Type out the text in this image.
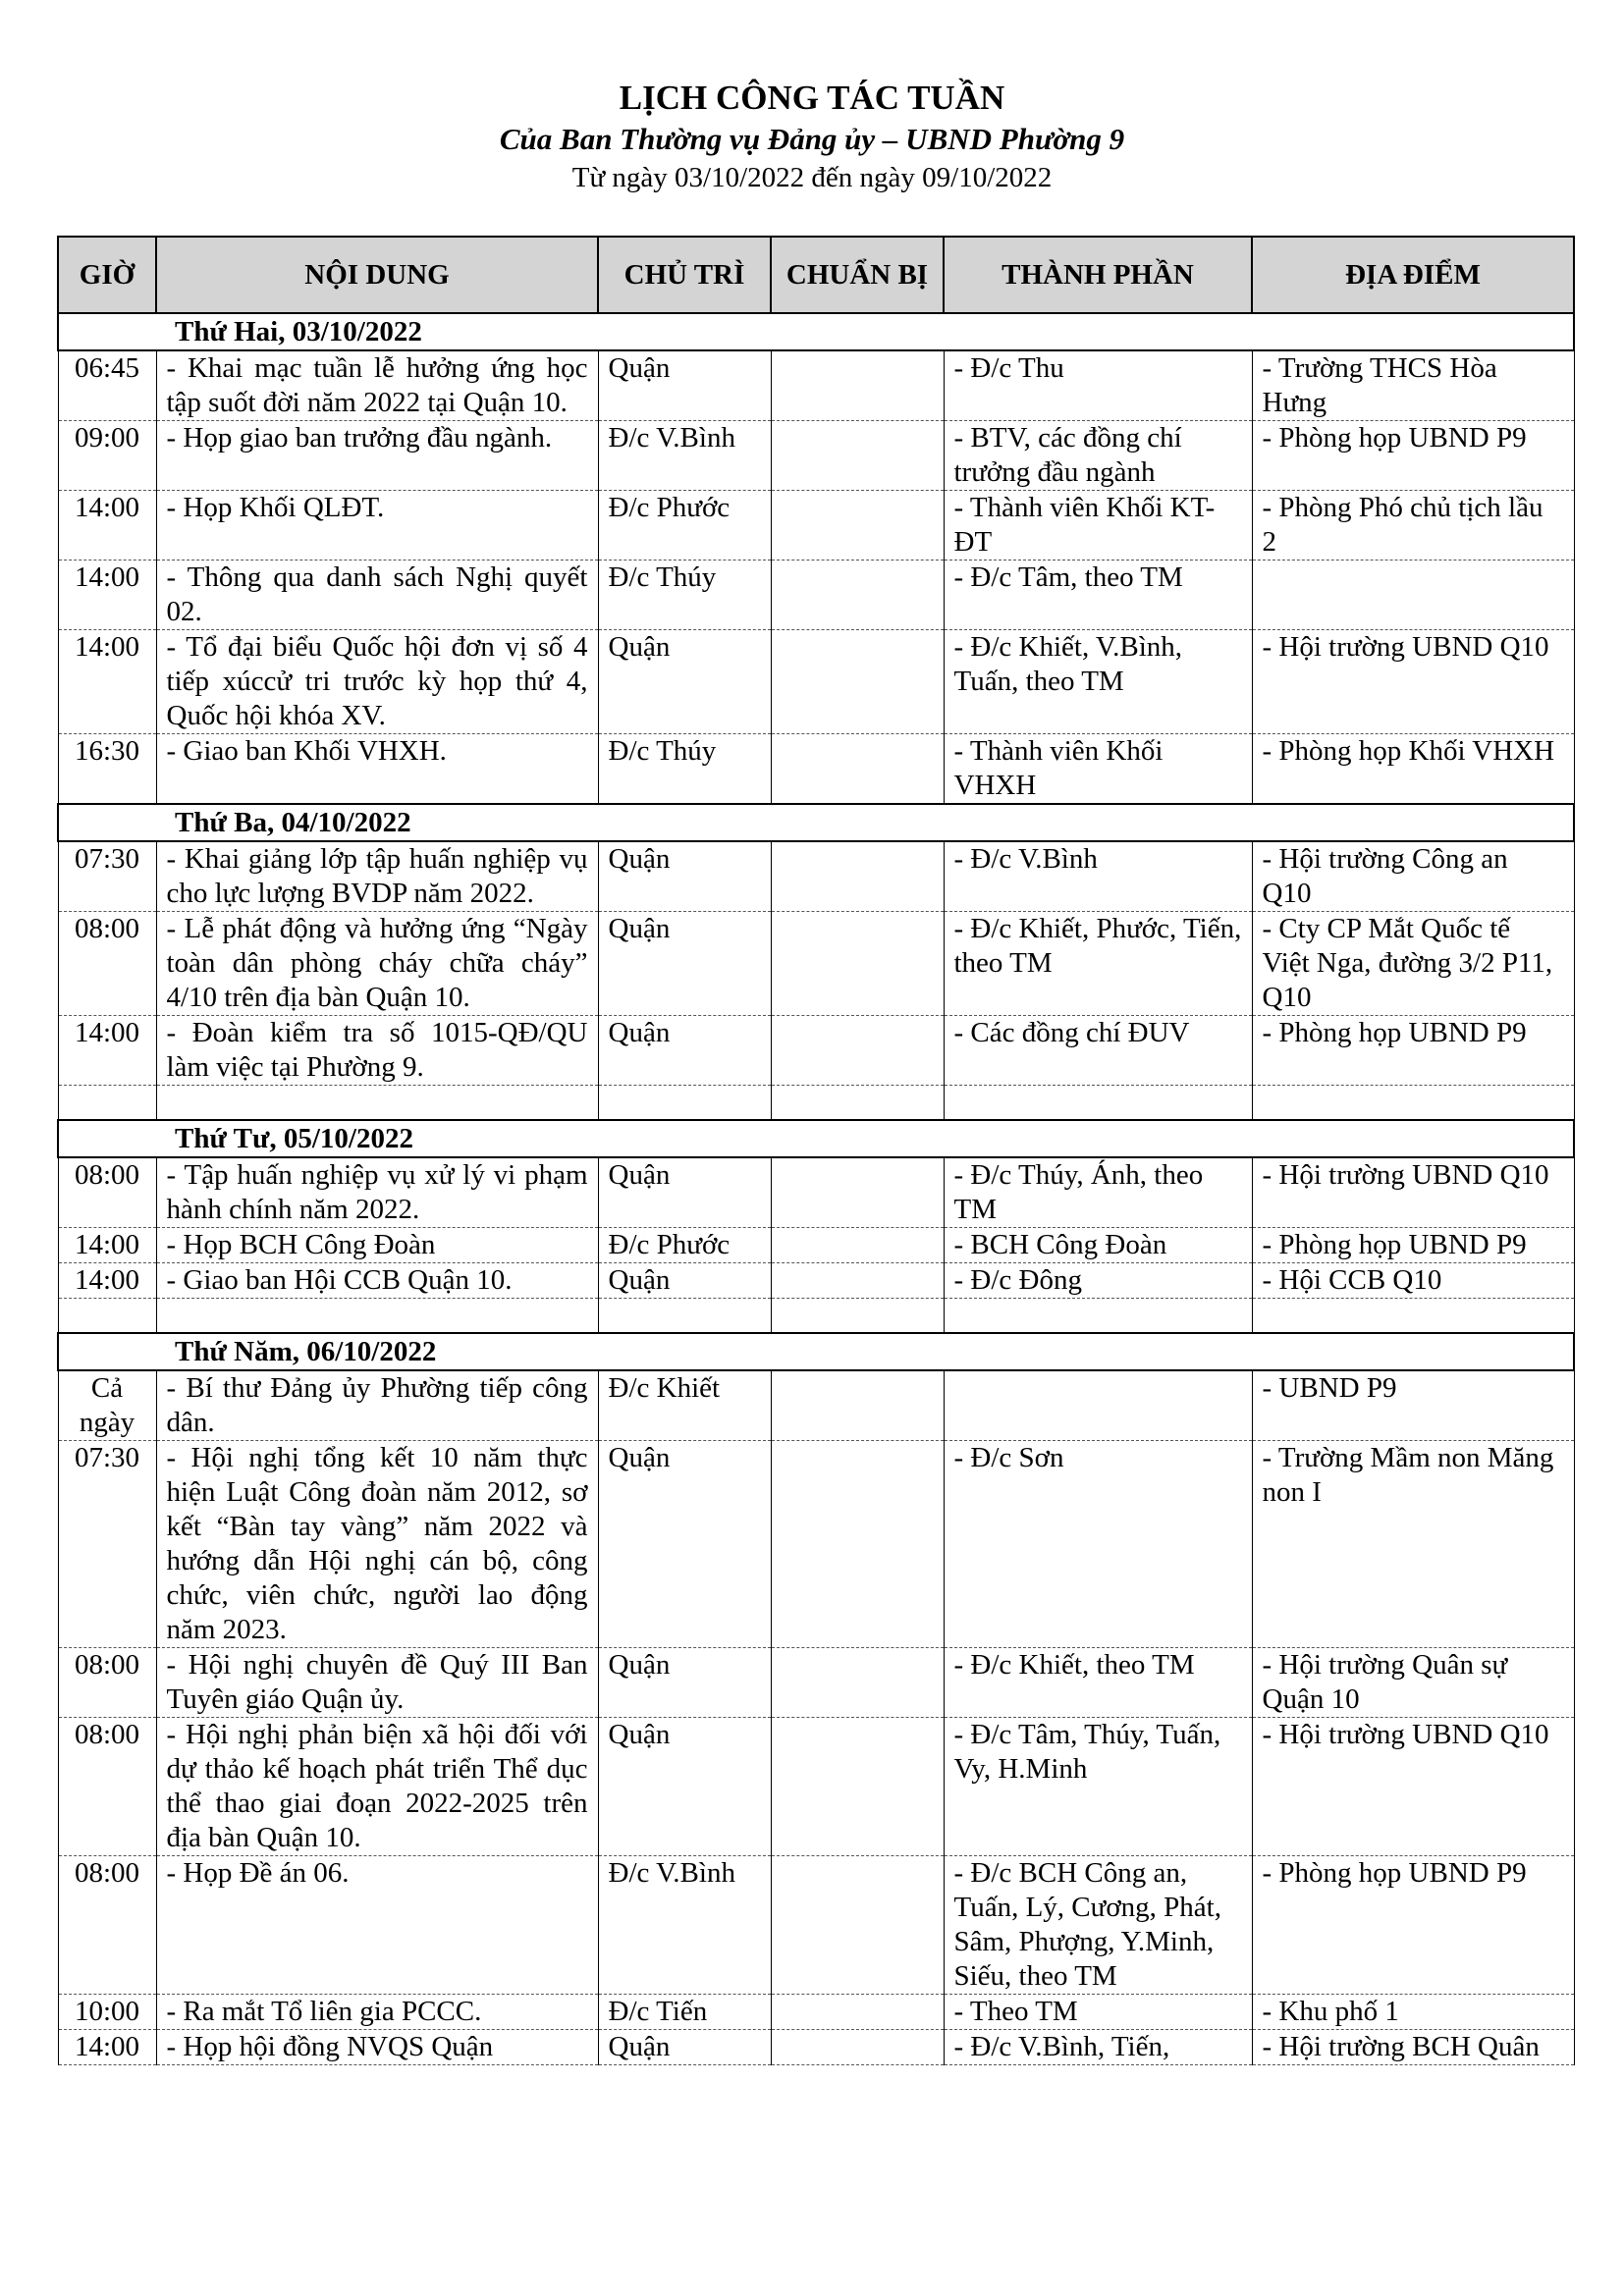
LỊCH CÔNG TÁC TUẦN
Của Ban Thường vụ Đảng ủy – UBND Phường 9
Từ ngày 03/10/2022 đến ngày 09/10/2022
GIỜ	NỘI DUNG	CHỦ TRÌ	CHUẨN BỊ	THÀNH PHẦN	ĐỊA ĐIỂM
Thứ Hai, 03/10/2022					
06:45	- Khai mạc tuần lễ hưởng ứng học tập suốt đời năm 2022 tại Quận 10.	Quận		- Đ/c Thu	- Trường THCS Hòa Hưng
09:00	- Họp giao ban trưởng đầu ngành.	Đ/c V.Bình		- BTV, các đồng chí trưởng đầu ngành	- Phòng họp UBND P9
14:00	- Họp Khối QLĐT.	Đ/c Phước		- Thành viên Khối KT-ĐT	- Phòng Phó chủ tịch lầu 2
14:00	- Thông qua danh sách Nghị quyết 02.	Đ/c Thúy		- Đ/c Tâm, theo TM	
14:00	- Tổ đại biểu Quốc hội đơn vị số 4 tiếp xúccử tri trước kỳ họp thứ 4, Quốc hội khóa XV.	Quận		- Đ/c Khiết, V.Bình, Tuấn, theo TM	- Hội trường UBND Q10
16:30	- Giao ban Khối VHXH.	Đ/c Thúy		- Thành viên Khối VHXH	- Phòng họp Khối VHXH
Thứ Ba, 04/10/2022					
07:30	- Khai giảng lớp tập huấn nghiệp vụ cho lực lượng BVDP năm 2022.	Quận		- Đ/c V.Bình	- Hội trường Công an Q10
08:00	- Lễ phát động và hưởng ứng “Ngày toàn dân phòng cháy chữa cháy” 4/10 trên địa bàn Quận 10.	Quận		- Đ/c Khiết, Phước, Tiến, theo TM	- Cty CP Mắt Quốc tế Việt Nga, đường 3/2 P11, Q10
14:00	- Đoàn kiểm tra số 1015-QĐ/QU làm việc tại Phường 9.	Quận		- Các đồng chí ĐUV	- Phòng họp UBND P9

Thứ Tư, 05/10/2022					
08:00	- Tập huấn nghiệp vụ xử lý vi phạm hành chính năm 2022.	Quận		- Đ/c Thúy, Ánh, theo TM	- Hội trường UBND Q10
14:00	- Họp BCH Công Đoàn	Đ/c Phước		- BCH Công Đoàn	- Phòng họp UBND P9
14:00	- Giao ban Hội CCB Quận 10.	Quận		- Đ/c Đông	- Hội CCB Q10

Thứ Năm, 06/10/2022					
Cả ngày	- Bí thư Đảng ủy Phường tiếp công dân.	Đ/c Khiết			- UBND P9
07:30	- Hội nghị tổng kết 10 năm thực hiện Luật Công đoàn năm 2012, sơ kết “Bàn tay vàng” năm 2022 và hướng dẫn Hội nghị cán bộ, công chức, viên chức, người lao động năm 2023.	Quận		- Đ/c Sơn	- Trường Mầm non Măng non I
08:00	- Hội nghị chuyên đề Quý III Ban Tuyên giáo Quận ủy.	Quận		- Đ/c Khiết, theo TM	- Hội trường Quân sự Quận 10
08:00	- Hội nghị phản biện xã hội đối với dự thảo kế hoạch phát triển Thể dục thể thao giai đoạn 2022-2025 trên địa bàn Quận 10.	Quận		- Đ/c Tâm, Thúy, Tuấn, Vy, H.Minh	- Hội trường UBND Q10
08:00	- Họp Đề án 06.	Đ/c V.Bình		- Đ/c BCH Công an, Tuấn, Lý, Cương, Phát, Sâm, Phượng, Y.Minh, Siếu, theo TM	- Phòng họp UBND P9
10:00	- Ra mắt Tổ liên gia PCCC.	Đ/c Tiến		- Theo TM	- Khu phố 1
14:00	- Họp hội đồng NVQS Quận	Quận		- Đ/c V.Bình, Tiến,	- Hội trường BCH Quân
